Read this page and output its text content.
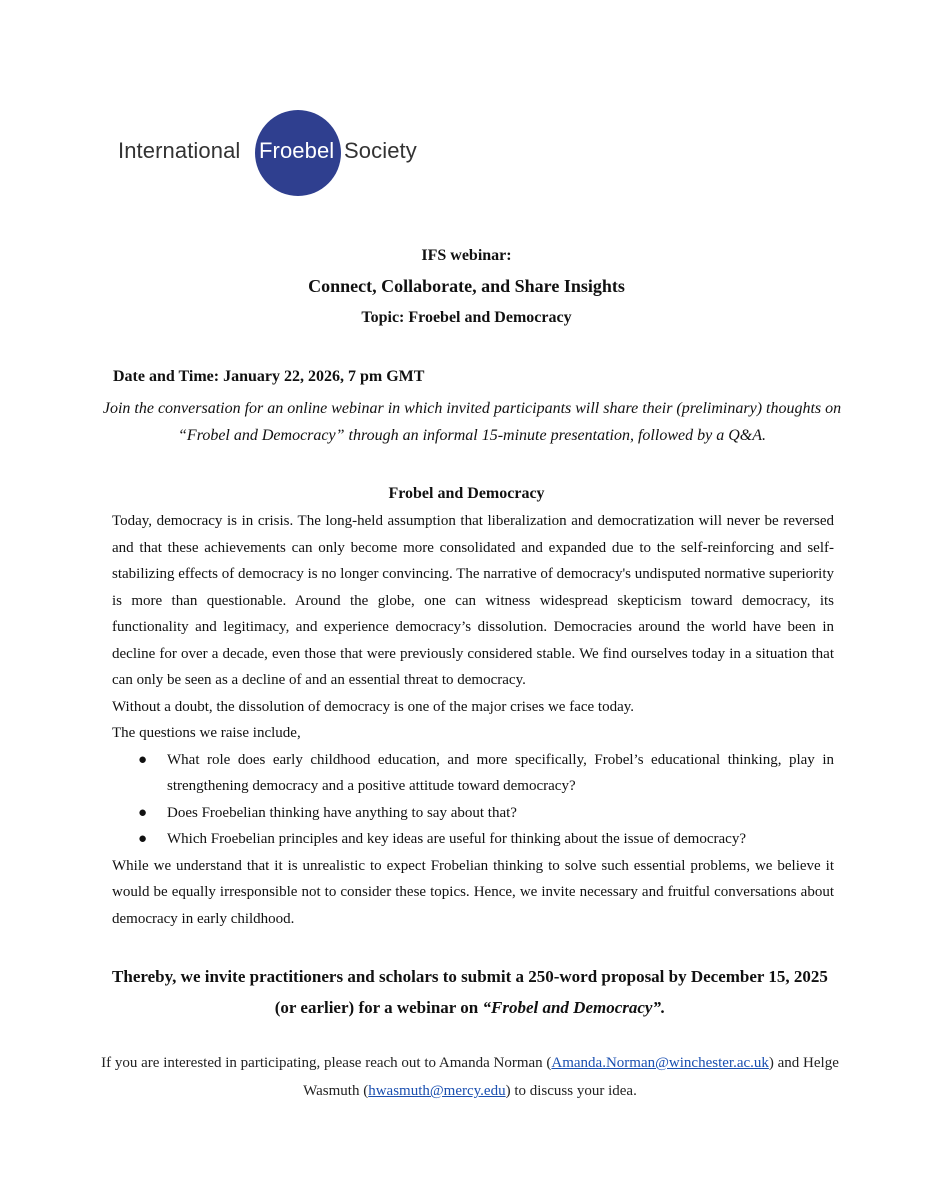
International Froebel Society
IFS webinar:
Connect, Collaborate, and Share Insights
Topic: Froebel and Democracy
Date and Time: January 22, 2026, 7 pm GMT
Join the conversation for an online webinar in which invited participants will share their (preliminary) thoughts on “Frobel and Democracy” through an informal 15-minute presentation, followed by a Q&A.
Frobel and Democracy

Today, democracy is in crisis. The long-held assumption that liberalization and democratization will never be reversed and that these achievements can only become more consolidated and expanded due to the self-reinforcing and self-stabilizing effects of democracy is no longer convincing. The narrative of democracy's undisputed normative superiority is more than questionable. Around the globe, one can witness widespread skepticism toward democracy, its functionality and legitimacy, and experience democracy’s dissolution. Democracies around the world have been in decline for over a decade, even those that were previously considered stable. We find ourselves today in a situation that can only be seen as a decline of and an essential threat to democracy.

Without a doubt, the dissolution of democracy is one of the major crises we face today.

The questions we raise include,

● What role does early childhood education, and more specifically, Frobel’s educational thinking, play in strengthening democracy and a positive attitude toward democracy?
● Does Froebelian thinking have anything to say about that?
● Which Froebelian principles and key ideas are useful for thinking about the issue of democracy?

While we understand that it is unrealistic to expect Frobelian thinking to solve such essential problems, we believe it would be equally irresponsible not to consider these topics. Hence, we invite necessary and fruitful conversations about democracy in early childhood.

Thereby, we invite practitioners and scholars to submit a 250-word proposal by December 15, 2025 (or earlier) for a webinar on “Frobel and Democracy”.
If you are interested in participating, please reach out to Amanda Norman (Amanda.Norman@winchester.ac.uk) and Helge Wasmuth (hwasmuth@mercy.edu) to discuss your idea.
